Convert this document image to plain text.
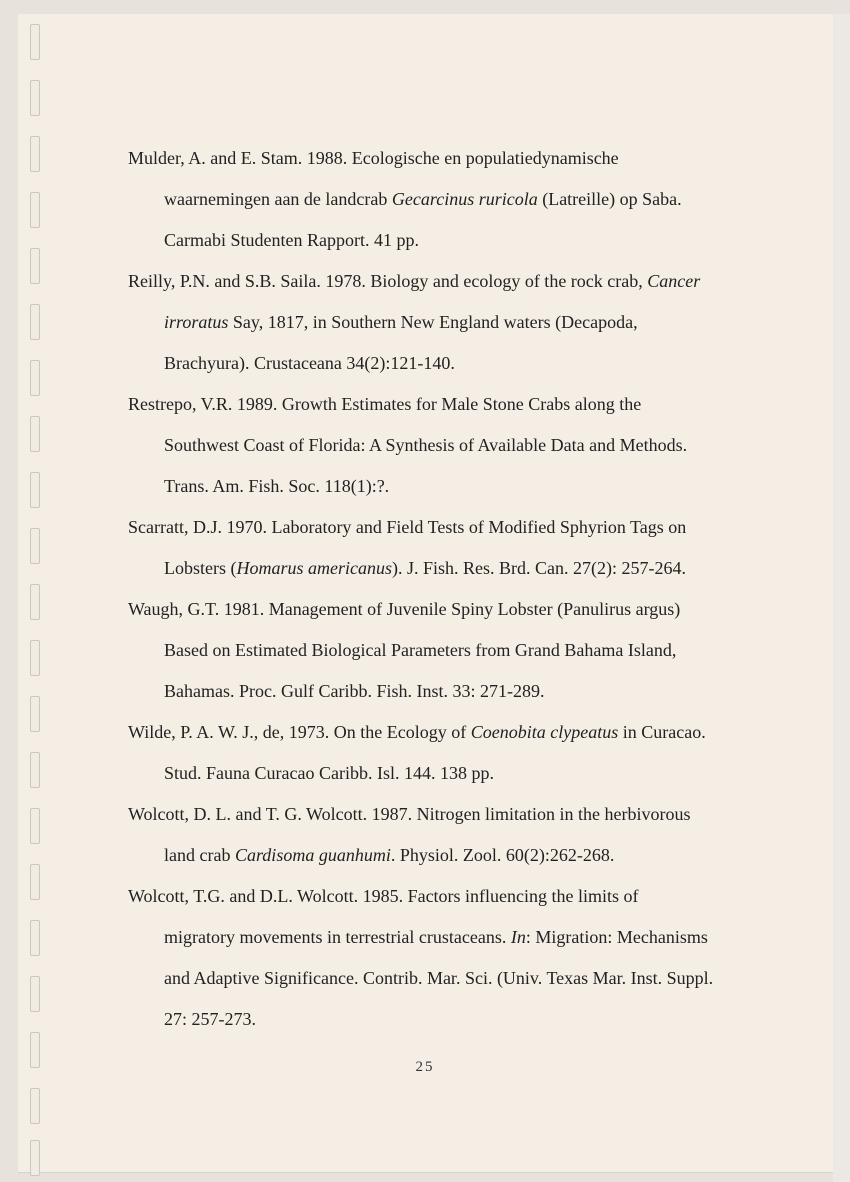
Mulder, A. and E. Stam. 1988. Ecologische en populatiedynamische
waarnemingen aan de landcrab Gecarcinus ruricola (Latreille) op Saba.
Carmabi Studenten Rapport. 41 pp.
Reilly, P.N. and S.B. Saila. 1978. Biology and ecology of the rock crab, Cancer
irroratus Say, 1817, in Southern New England waters (Decapoda,
Brachyura). Crustaceana 34(2):121-140.
Restrepo, V.R. 1989. Growth Estimates for Male Stone Crabs along the
Southwest Coast of Florida: A Synthesis of Available Data and Methods.
Trans. Am. Fish. Soc. 118(1):?.
Scarratt, D.J. 1970. Laboratory and Field Tests of Modified Sphyrion Tags on
Lobsters (Homarus americanus). J. Fish. Res. Brd. Can. 27(2): 257-264.
Waugh, G.T. 1981. Management of Juvenile Spiny Lobster (Panulirus argus)
Based on Estimated Biological Parameters from Grand Bahama Island,
Bahamas. Proc. Gulf Caribb. Fish. Inst. 33: 271-289.
Wilde, P. A. W. J., de, 1973. On the Ecology of Coenobita clypeatus in Curacao.
Stud. Fauna Curacao Caribb. Isl. 144. 138 pp.
Wolcott, D. L. and T. G. Wolcott. 1987. Nitrogen limitation in the herbivorous
land crab Cardisoma guanhumi. Physiol. Zool. 60(2):262-268.
Wolcott, T.G. and D.L. Wolcott. 1985. Factors influencing the limits of
migratory movements in terrestrial crustaceans. In: Migration: Mechanisms
and Adaptive Significance. Contrib. Mar. Sci. (Univ. Texas Mar. Inst. Suppl.
27: 257-273.
25
